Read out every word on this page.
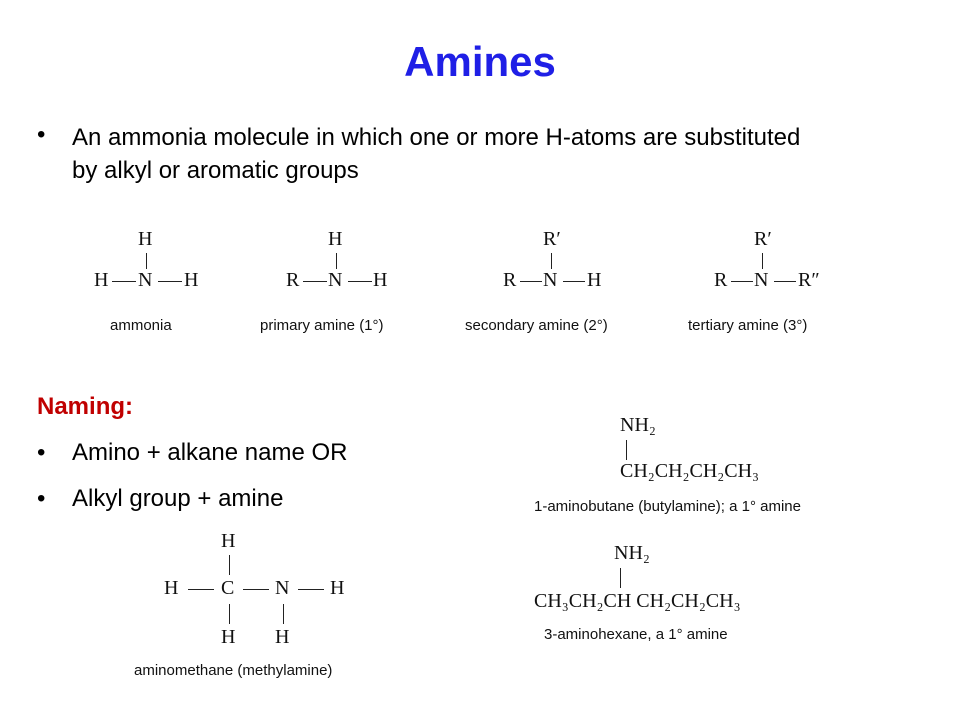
Amines
• An ammonia molecule in which one or more H-atoms are substituted by alkyl or aromatic groups
H
H N H
ammonia
H
R N H
primary amine (1°)
R′
R N H
secondary amine (2°)
R′
R N R″
tertiary amine (3°)
Naming:
• Amino + alkane name OR
• Alkyl group + amine
H
H C N H
H H
aminomethane (methylamine)
NH₂
CH₂CH₂CH₂CH₃
1-aminobutane (butylamine); a 1° amine
NH₂
CH₃CH₂CH CH₂CH₂CH₃
3-aminohexane, a 1° amine
